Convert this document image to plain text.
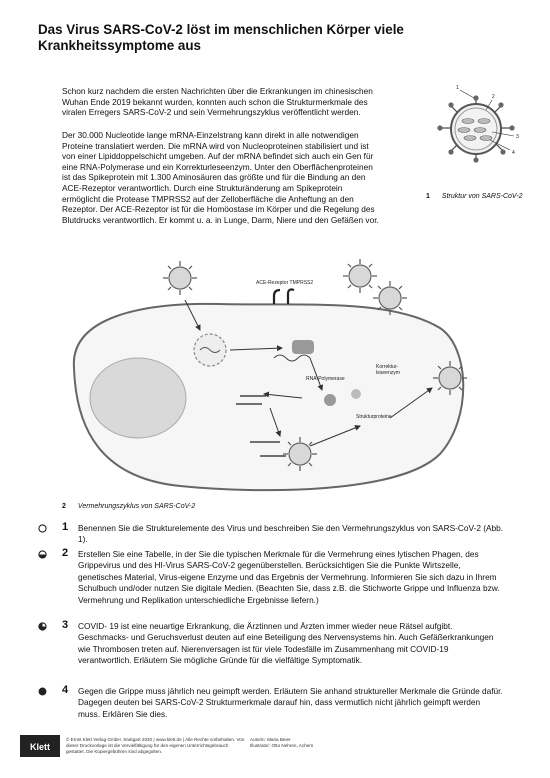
Das Virus SARS-CoV-2 löst im menschlichen Körper viele Krankheitssymptome aus

Schon kurz nachdem die ersten Nachrichten über die Erkrankungen im chinesischen Wuhan Ende 2019 bekannt wurden, konnten auch schon die Strukturmerkmale des viralen Erregers SARS-CoV-2 und sein Vermehrungszyklus veröffentlicht werden.

Der 30.000 Nucleotide lange mRNA-Einzelstrang kann direkt in alle notwendigen Proteine translatiert werden. Die mRNA wird von Nucleoproteinen stabilisiert und ist von einer Lipiddoppelschicht umgeben. Auf der mRNA befindet sich auch ein Gen für eine RNA-Polymerase und ein Korrekturleseenzym. Unter den Oberflächenproteinen ist das Spikeprotein mit 1.300 Aminosäuren das größte und für die Bindung an den ACE-Rezeptor verantwortlich. Durch eine Strukturänderung am Spikeprotein ermöglicht die Protease TMPRSS2 auf der Zelloberfläche die Anheftung an den Rezeptor. Der ACE-Rezeptor ist für die Homöostase im Körper und die Regelung des Blutdrucks verantwortlich. Er kommt u. a. in Lunge, Darm, Niere und den Gefäßen vor.

1
2
3
4
1 Struktur von SARS-CoV-2
ACE-Rezeptor TMPRSS2
RNA-Polymerase
Korrektur-leseenzym
Strukturproteine
2 Vermehrungszyklus von SARS-CoV-2
1 Benennen Sie die Strukturelemente des Virus und beschreiben Sie den Vermehrungszyklus von SARS-CoV-2 (Abb. 1).

2 Erstellen Sie eine Tabelle, in der Sie die typischen Merkmale für die Vermehrung eines lytischen Phagen, des Grippevirus und des HI-Virus SARS-CoV-2 gegenüberstellen. Berücksichtigen Sie die Punkte Wirtszelle, genetisches Material, Virus-eigene Enzyme und das Ergebnis der Vermehrung. Informieren Sie sich dazu in Ihrem Schulbuch und/oder nutzen Sie digitale Medien. (Beachten Sie, dass z.B. die Stichworte Grippe und Influenza bzw. Vermehrung und Replikation unterschiedliche Ergebnisse liefern.)

3 COVID- 19 ist eine neuartige Erkrankung, die Ärztinnen und Ärzten immer wieder neue Rätsel aufgibt. Geschmacks- und Geruchsverlust deuten auf eine Beteiligung des Nervensystems hin. Auch Gefäßerkrankungen wie Thrombosen treten auf. Nierenversagen ist für viele Todesfälle im Zusammenhang mit COVID-19 verantwortlich. Erläutern Sie mögliche Gründe für die vielfältige Symptomatik.

4 Gegen die Grippe muss jährlich neu geimpft werden. Erläutern Sie anhand struktureller Merkmale die Gründe dafür. Dagegen deuten bei SARS-CoV-2 Strukturmerkmale darauf hin, dass vermutlich nicht jährlich geimpft werden muss. Erklären Sie dies.

Klett
© Ernst Klett Verlag GmbH, Stuttgart 2020 | www.klett.de | Alle Rechte vorbehalten. Von dieser Druckvorlage ist die Vervielfältigung für den eigenen Unterrichtsgebrauch gestattet. Die Kopiergebühren sind abgegolten.
Autorin: Maria Beier
Illustrator: Otto Nehren, Achern
